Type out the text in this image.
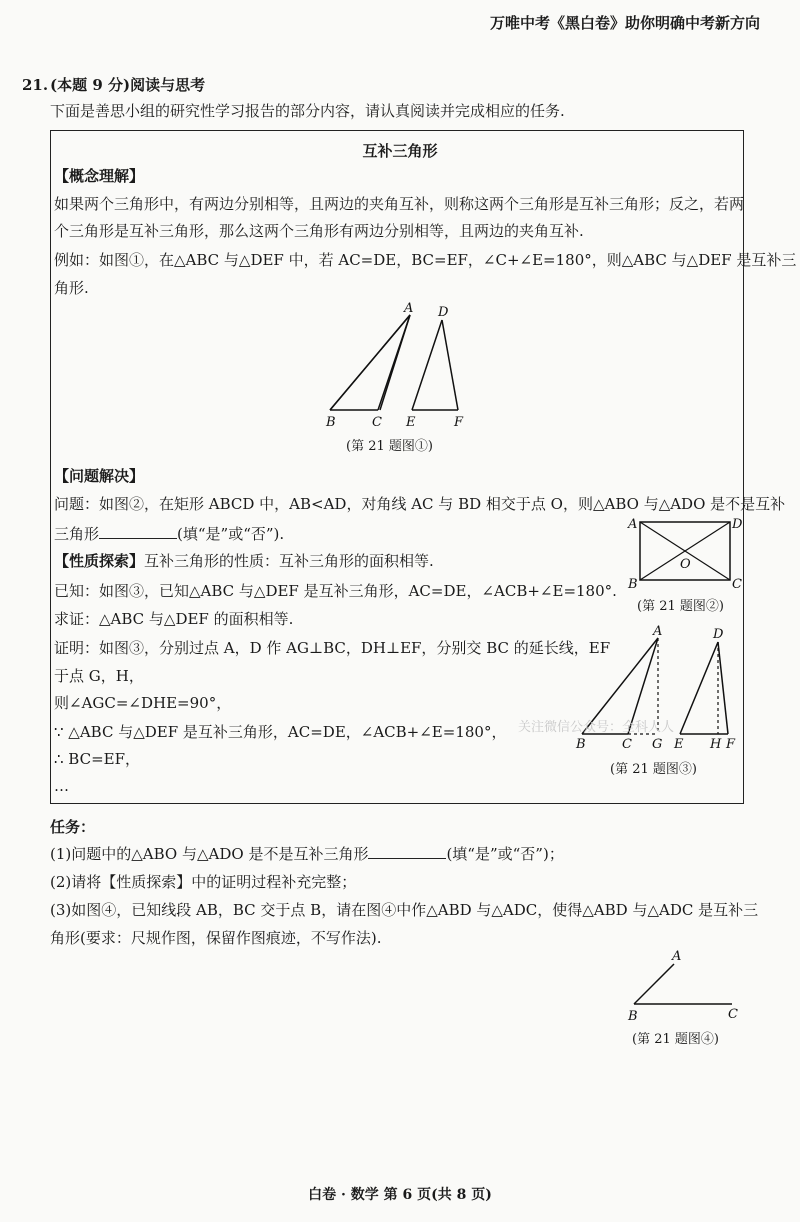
万唯中考《黑白卷》助你明确中考新方向
21. (本题 9 分)阅读与思考
下面是善思小组的研究性学习报告的部分内容，请认真阅读并完成相应的任务.
互补三角形
【概念理解】
如果两个三角形中，有两边分别相等，且两边的夹角互补，则称这两个三角形是互补三角形；反之，若两
个三角形是互补三角形，那么这两个三角形有两边分别相等，且两边的夹角互补.
例如：如图①，在△ABC 与△DEF 中，若 AC=DE，BC=EF，∠C+∠E=180°，则△ABC 与△DEF 是互补三
角形.
A D
B	C E	F
(第 21 题图①)
【问题解决】
问题：如图②，在矩形 ABCD 中，AB<AD，对角线 AC 与 BD 相交于点 O，则△ABO 与△ADO 是不是互补
三角形	(填“是”或“否”).
A	D
B	C
O
(第 21 题图②)
【性质探索】互补三角形的性质：互补三角形的面积相等.
已知：如图③，已知△ABC 与△DEF 是互补三角形，AC=DE，∠ACB+∠E=180°.
求证：△ABC 与△DEF 的面积相等.
证明：如图③，分别过点 A，D 作 AG⊥BC，DH⊥EF，分别交 BC 的延长线，EF
于点 G，H，
则∠AGC=∠DHE=90°，
∵ △ABC 与△DEF 是互补三角形，AC=DE，∠ACB+∠E=180°，
∴ BC=EF，
…
A	D
B	C G E H F
(第 21 题图③)
关注微信公众号：全科人人
任务：
(1)问题中的△ABO 与△ADO 是不是互补三角形	(填“是”或“否”)；
(2)请将【性质探索】中的证明过程补充完整；
(3)如图④，已知线段 AB，BC 交于点 B，请在图④中作△ABD 与△ADC，使得△ABD 与△ADC 是互补三
角形(要求：尺规作图，保留作图痕迹，不写作法).
A
B	C
(第 21 题图④)
白卷 · 数学 第 6 页(共 8 页)
